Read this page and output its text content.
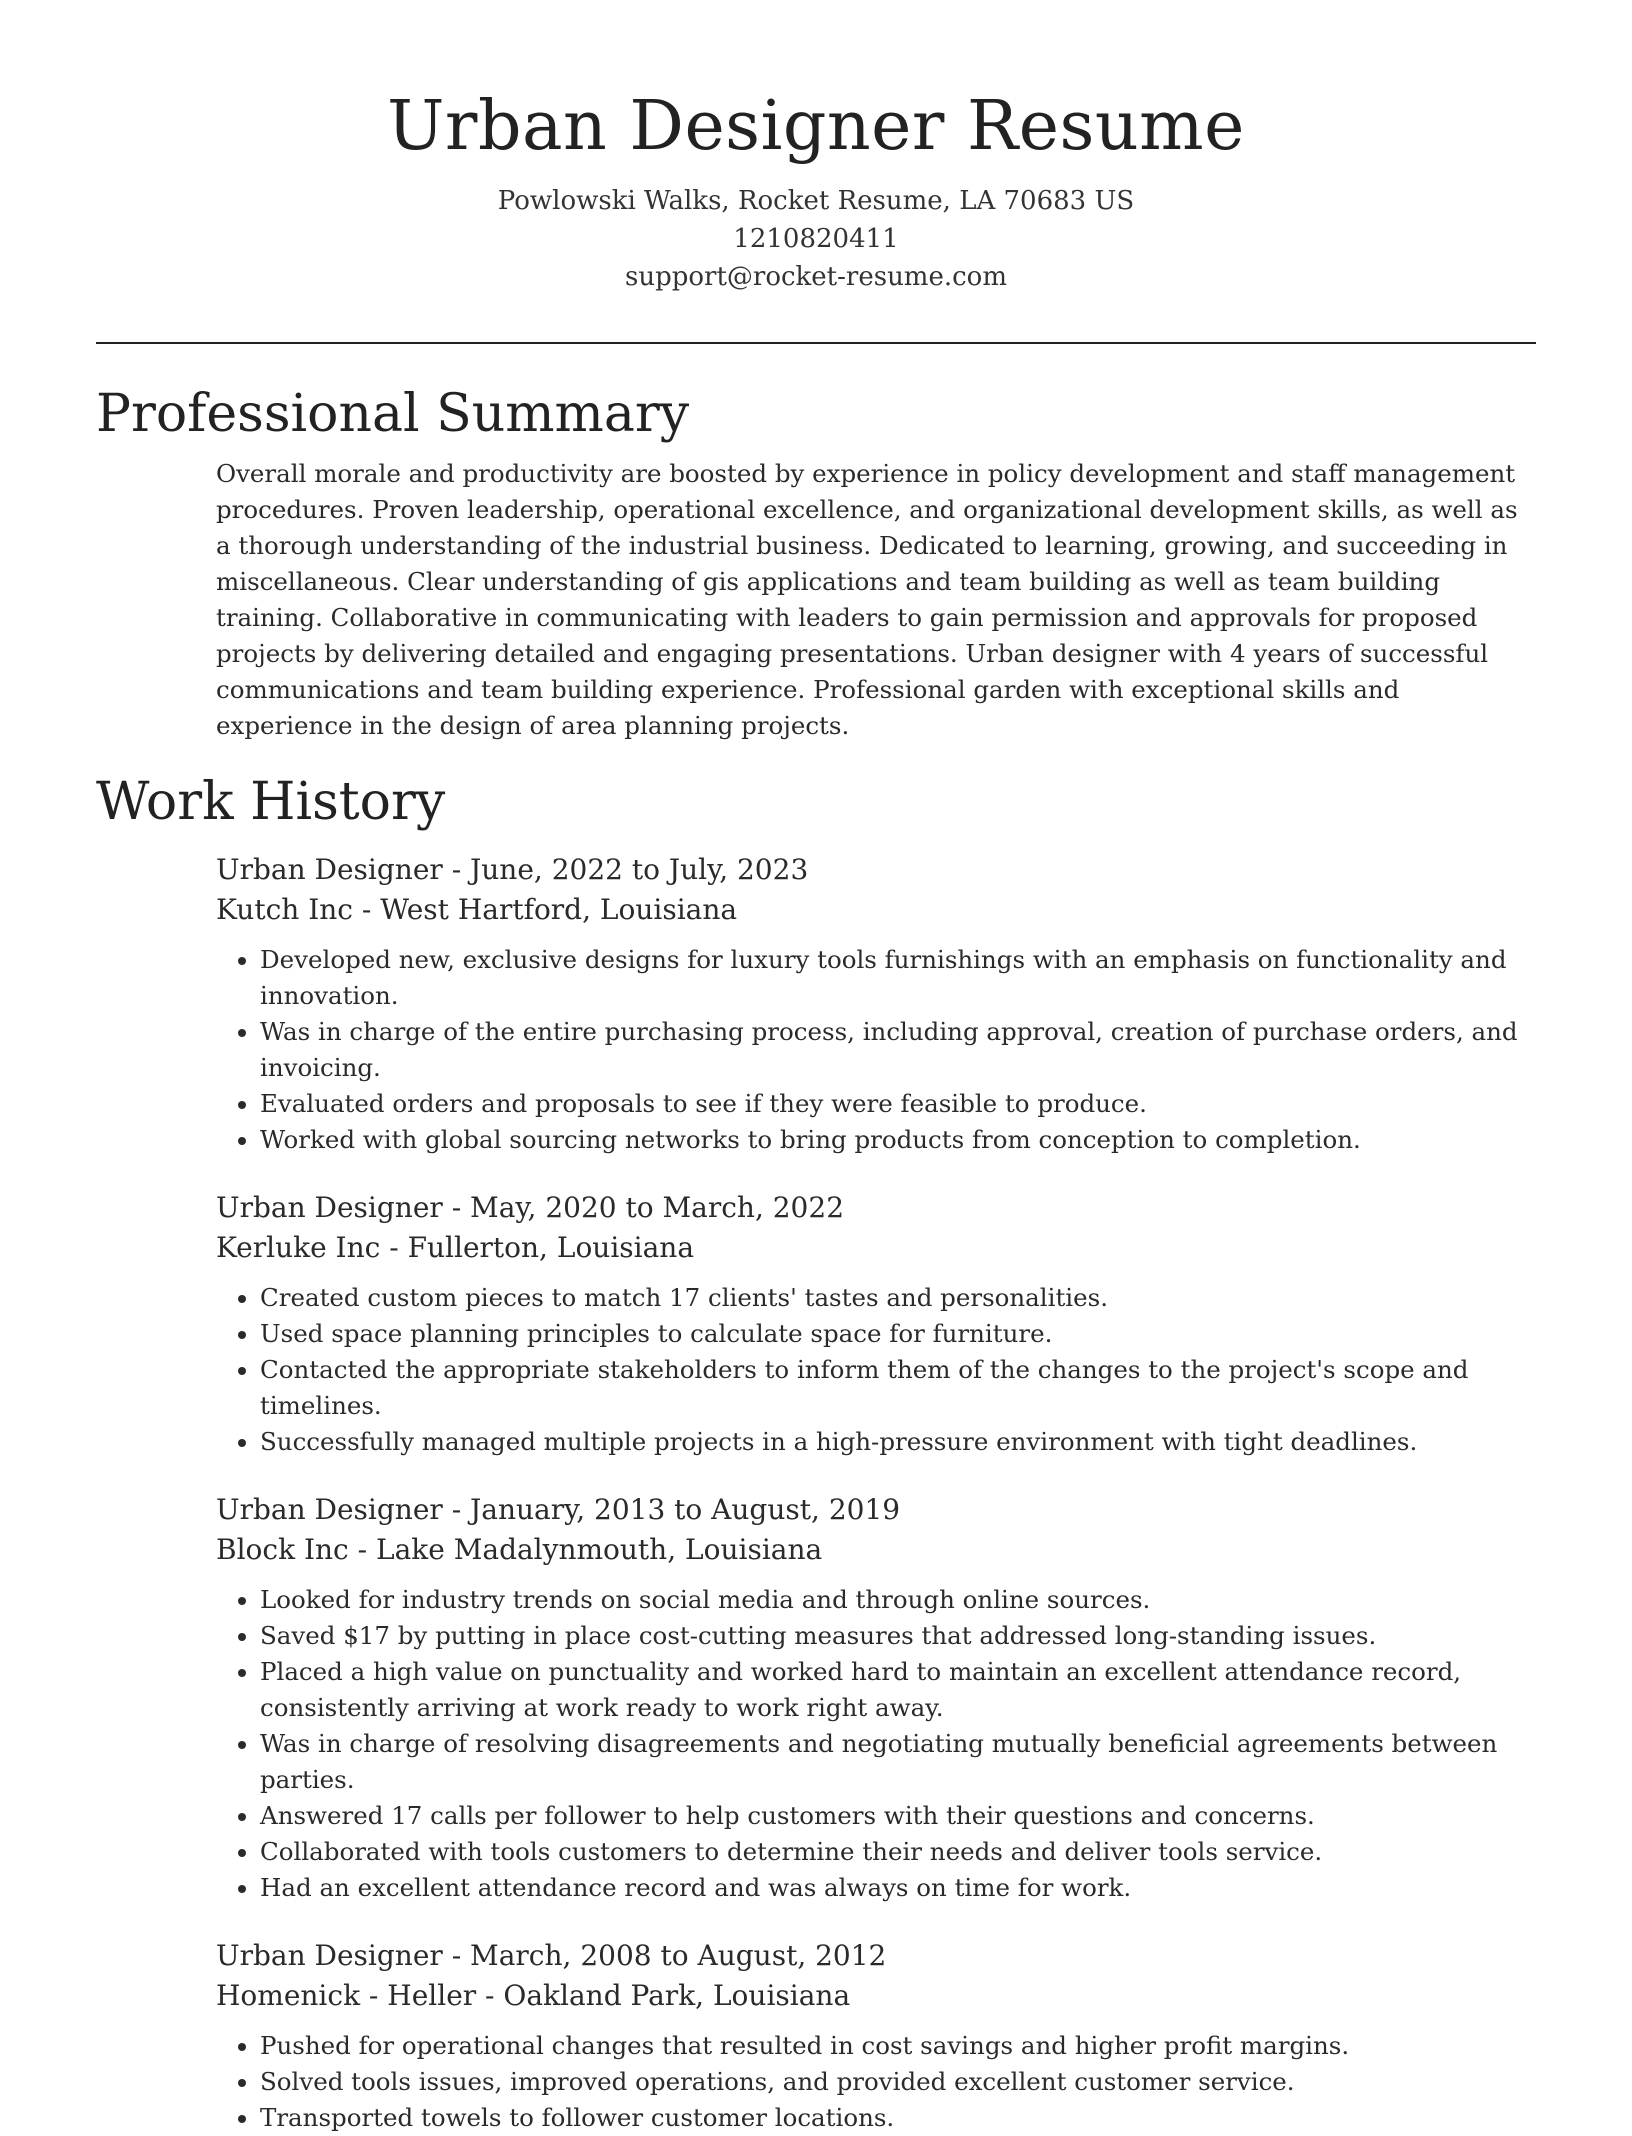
Urban Designer Resume
Powlowski Walks, Rocket Resume, LA 70683 US
1210820411
support@rocket-resume.com
Professional Summary

Overall morale and productivity are boosted by experience in policy development and staff management procedures. Proven leadership, operational excellence, and organizational development skills, as well as a thorough understanding of the industrial business. Dedicated to learning, growing, and succeeding in miscellaneous. Clear understanding of gis applications and team building as well as team building training. Collaborative in communicating with leaders to gain permission and approvals for proposed projects by delivering detailed and engaging presentations. Urban designer with 4 years of successful communications and team building experience. Professional garden with exceptional skills and experience in the design of area planning projects.

Work History
Urban Designer - June, 2022 to July, 2023
Kutch Inc - West Hartford, Louisiana
• Developed new, exclusive designs for luxury tools furnishings with an emphasis on functionality and innovation.
• Was in charge of the entire purchasing process, including approval, creation of purchase orders, and invoicing.
• Evaluated orders and proposals to see if they were feasible to produce.
• Worked with global sourcing networks to bring products from conception to completion.
Urban Designer - May, 2020 to March, 2022
Kerluke Inc - Fullerton, Louisiana
• Created custom pieces to match 17 clients' tastes and personalities.
• Used space planning principles to calculate space for furniture.
• Contacted the appropriate stakeholders to inform them of the changes to the project's scope and timelines.
• Successfully managed multiple projects in a high-pressure environment with tight deadlines.
Urban Designer - January, 2013 to August, 2019
Block Inc - Lake Madalynmouth, Louisiana
• Looked for industry trends on social media and through online sources.
• Saved $17 by putting in place cost-cutting measures that addressed long-standing issues.
• Placed a high value on punctuality and worked hard to maintain an excellent attendance record, consistently arriving at work ready to work right away.
• Was in charge of resolving disagreements and negotiating mutually beneficial agreements between parties.
• Answered 17 calls per follower to help customers with their questions and concerns.
• Collaborated with tools customers to determine their needs and deliver tools service.
• Had an excellent attendance record and was always on time for work.
Urban Designer - March, 2008 to August, 2012
Homenick - Heller - Oakland Park, Louisiana
• Pushed for operational changes that resulted in cost savings and higher profit margins.
• Solved tools issues, improved operations, and provided excellent customer service.
• Transported towels to follower customer locations.
